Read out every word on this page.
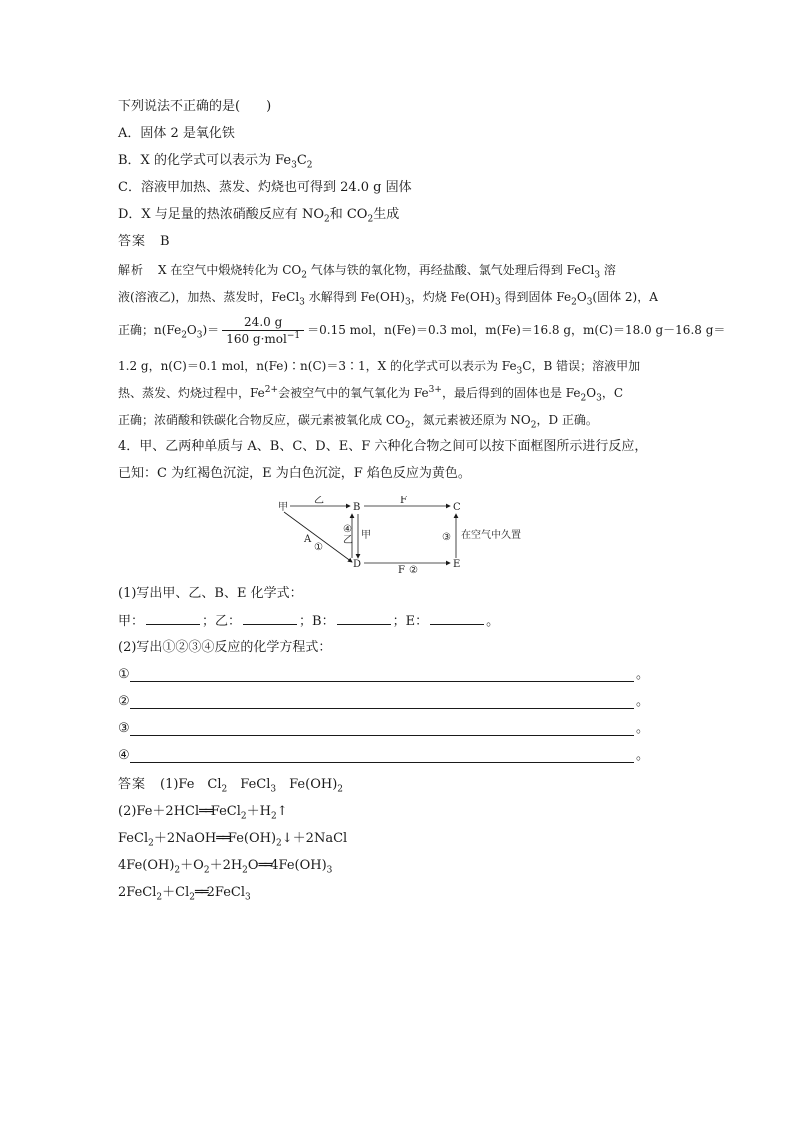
下列说法不正确的是(　　)
A．固体 2 是氧化铁
B．X 的化学式可以表示为 $Fe_3C_2$
C．溶液甲加热、蒸发、灼烧也可得到 24.0 g 固体
D．X 与足量的热浓硝酸反应有 $NO_2$和 $CO_2$生成
答案 B
解析 X 在空气中煅烧转化为 $CO_2$ 气体与铁的氧化物，再经盐酸、氯气处理后得到 FeCl$_3$ 溶
液(溶液乙)，加热、蒸发时，FeCl$_3$ 水解得到 $Fe(OH)_3$，灼烧 $Fe(OH)_3$ 得到固体 $Fe_2O_3$(固体 2)，A
正确；$n(Fe_2O_3)= \frac{24.0 g}{160 g\cdot mol^{-1}} =0.15$ mol，n(Fe)＝0.3 mol，m(Fe)＝16.8 g，m(C)＝18.0 g－16.8 g＝
1.2 g，n(C)＝0.1 mol，n(Fe)∶n(C)＝3∶1，X 的化学式可以表示为 $Fe_3C$，B 错误；溶液甲加
热、蒸发、灼烧过程中，$Fe^{2+}$会被空气中的氧气氧化为 $Fe^{3+}$，最后得到的固体也是 $Fe_2O_3$，C
正确；浓硝酸和铁碳化合物反应，碳元素被氧化成 $CO_2$，氮元素被还原为 $NO_2$，D 正确。
4．甲、乙两种单质与 A、B、C、D、E、F 六种化合物之间可以按下面框图所示进行反应，
已知：C 为红褐色沉淀，E 为白色沉淀，F 焰色反应为黄色。
甲
乙
B
F
C
A
①
④
乙 甲	③ 在空气中久置
D
F ②
E
(1)写出甲、乙、B、E 化学式：
甲：	；乙：	；B：	；E：	。
(2)写出①②③④反应的化学方程式：
①	。
②	。
③	。
④	。
答案 (1)Fe　$Cl_2$　FeCl$_3$　$Fe(OH)_2$
$(2)Fe+2HCl══FeCl_2+H_2↑$
$FeCl_2+2NaOH══Fe(OH)_2↓+2NaCl$
$4Fe(OH)_2+O_2+2H_2O══4Fe(OH)_3$
$2FeCl_2+Cl_2══2FeCl_3$
